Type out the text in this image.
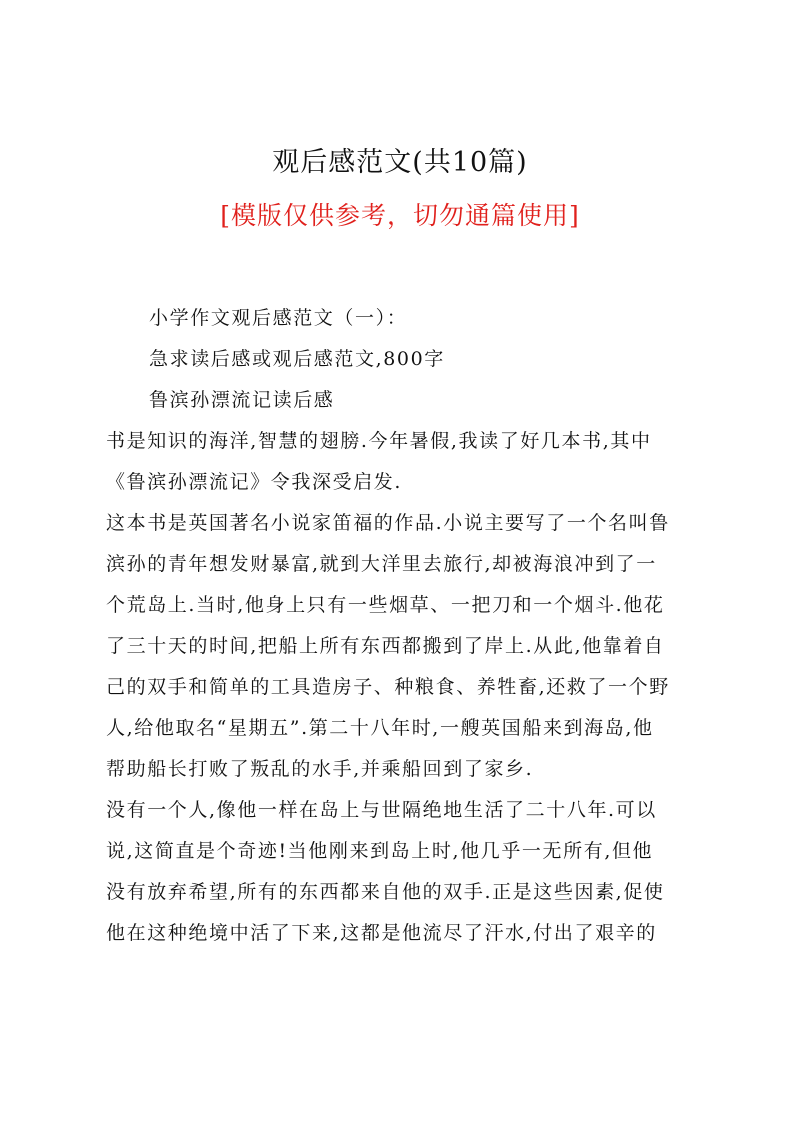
观后感范文(共10篇)
[模版仅供参考，切勿通篇使用]
小学作文观后感范文（一）：
急求读后感或观后感范文,800字
鲁滨孙漂流记读后感
书是知识的海洋,智慧的翅膀.今年暑假,我读了好几本书,其中
《鲁滨孙漂流记》令我深受启发.
这本书是英国著名小说家笛福的作品.小说主要写了一个名叫鲁
滨孙的青年想发财暴富,就到大洋里去旅行,却被海浪冲到了一
个荒岛上.当时,他身上只有一些烟草、一把刀和一个烟斗.他花
了三十天的时间,把船上所有东西都搬到了岸上.从此,他靠着自
己的双手和简单的工具造房子、种粮食、养牲畜,还救了一个野
人,给他取名“星期五”.第二十八年时,一艘英国船来到海岛,他
帮助船长打败了叛乱的水手,并乘船回到了家乡.
没有一个人,像他一样在岛上与世隔绝地生活了二十八年.可以
说,这简直是个奇迹!当他刚来到岛上时,他几乎一无所有,但他
没有放弃希望,所有的东西都来自他的双手.正是这些因素,促使
他在这种绝境中活了下来,这都是他流尽了汗水,付出了艰辛的
